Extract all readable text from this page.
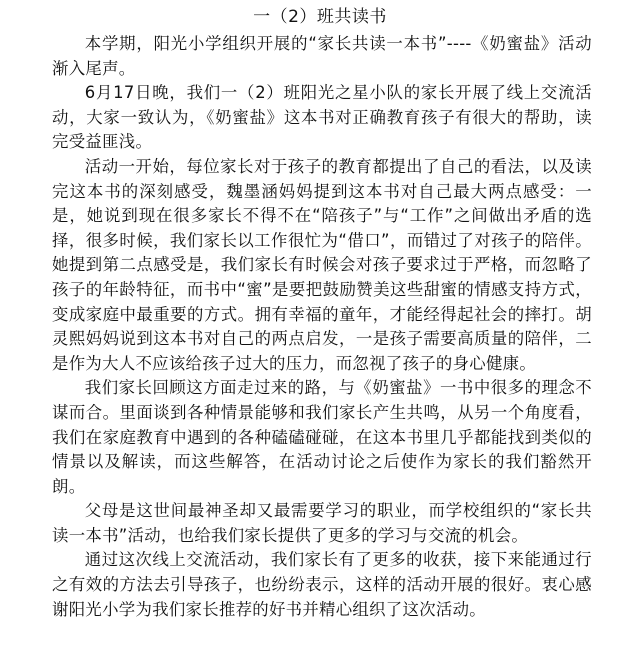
一（2）班共读书

本学期，阳光小学组织开展的“家长共读一本书”----《奶蜜盐》活动渐入尾声。

6月17日晚，我们一（2）班阳光之星小队的家长开展了线上交流活动，大家一致认为，《奶蜜盐》这本书对正确教育孩子有很大的帮助，读完受益匪浅。

活动一开始，每位家长对于孩子的教育都提出了自己的看法，以及读完这本书的深刻感受，魏墨涵妈妈提到这本书对自己最大两点感受：一是，她说到现在很多家长不得不在“陪孩子”与“工作”之间做出矛盾的选择，很多时候，我们家长以工作很忙为“借口”，而错过了对孩子的陪伴。她提到第二点感受是，我们家长有时候会对孩子要求过于严格，而忽略了孩子的年龄特征，而书中“蜜”是要把鼓励赞美这些甜蜜的情感支持方式，变成家庭中最重要的方式。拥有幸福的童年，才能经得起社会的摔打。胡灵熙妈妈说到这本书对自己的两点启发，一是孩子需要高质量的陪伴，二是作为大人不应该给孩子过大的压力，而忽视了孩子的身心健康。

我们家长回顾这方面走过来的路，与《奶蜜盐》一书中很多的理念不谋而合。里面谈到各种情景能够和我们家长产生共鸣，从另一个角度看，我们在家庭教育中遇到的各种磕磕碰碰，在这本书里几乎都能找到类似的情景以及解读，而这些解答，在活动讨论之后使作为家长的我们豁然开朗。

父母是这世间最神圣却又最需要学习的职业，而学校组织的“家长共读一本书”活动，也给我们家长提供了更多的学习与交流的机会。

通过这次线上交流活动，我们家长有了更多的收获，接下来能通过行之有效的方法去引导孩子，也纷纷表示，这样的活动开展的很好。衷心感谢阳光小学为我们家长推荐的好书并精心组织了这次活动。
